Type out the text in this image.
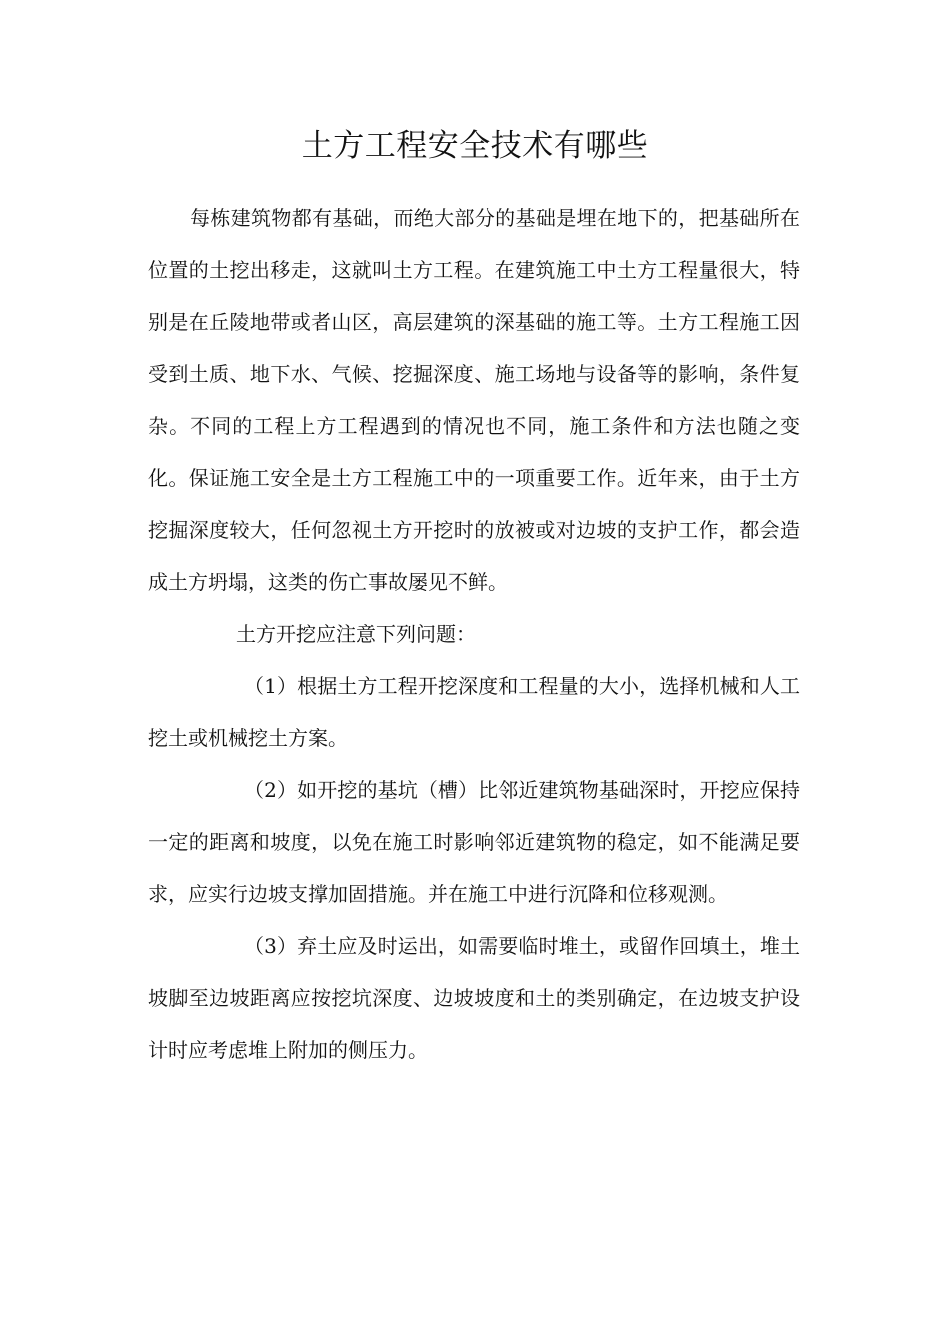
土方工程安全技术有哪些

每栋建筑物都有基础，而绝大部分的基础是埋在地下的，把基础所在位置的土挖出移走，这就叫土方工程。在建筑施工中土方工程量很大，特别是在丘陵地带或者山区，高层建筑的深基础的施工等。土方工程施工因受到土质、地下水、气候、挖掘深度、施工场地与设备等的影响，条件复杂。不同的工程上方工程遇到的情况也不同，施工条件和方法也随之变化。保证施工安全是土方工程施工中的一项重要工作。近年来，由于土方挖掘深度较大，任何忽视土方开挖时的放被或对边坡的支护工作，都会造成土方坍塌，这类的伤亡事故屡见不鲜。

土方开挖应注意下列问题：

（1）根据土方工程开挖深度和工程量的大小，选择机械和人工挖土或机械挖土方案。

（2）如开挖的基坑（槽）比邻近建筑物基础深时，开挖应保持一定的距离和坡度，以免在施工时影响邻近建筑物的稳定，如不能满足要求，应实行边坡支撑加固措施。并在施工中进行沉降和位移观测。

（3）弃土应及时运出，如需要临时堆土，或留作回填土，堆土坡脚至边坡距离应按挖坑深度、边坡坡度和土的类别确定，在边坡支护设计时应考虑堆上附加的侧压力。
